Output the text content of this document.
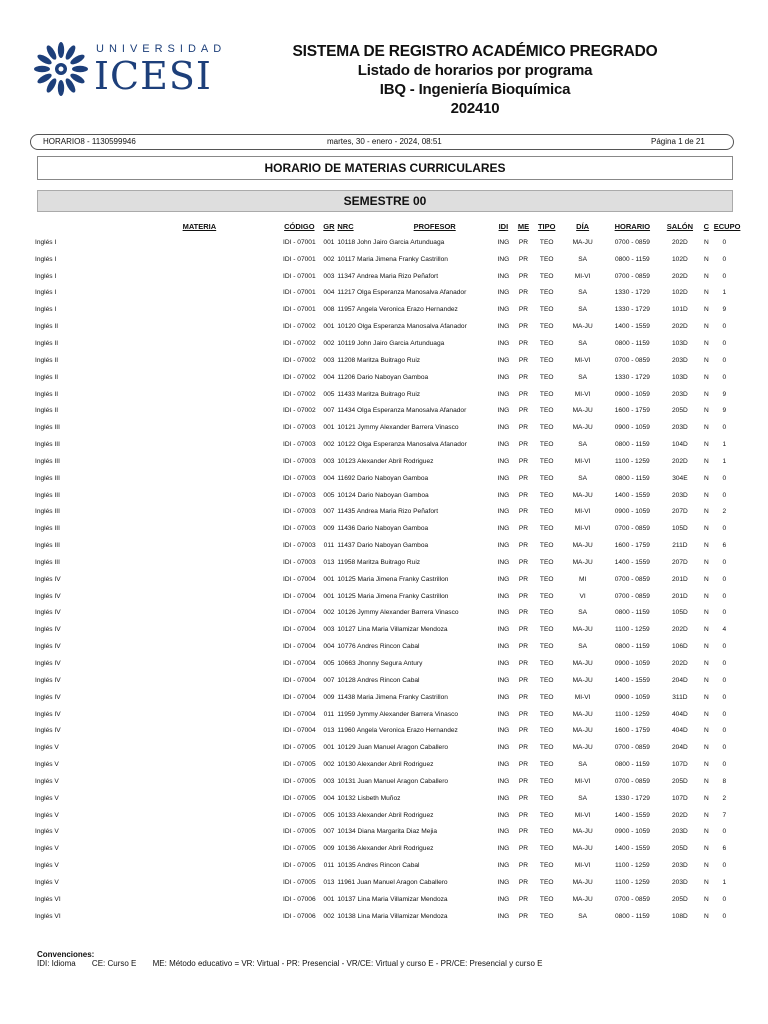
UNIVERSIDAD
ICESI
SISTEMA DE REGISTRO ACADÉMICO PREGRADO
Listado de horarios por programa
IBQ - Ingeniería Bioquímica
202410
HORARIO8 - 1130599946	martes, 30 - enero - 2024, 08:51	Página 1 de 21
HORARIO DE MATERIAS CURRICULARES
SEMESTRE 00
MATERIA	CÓDIGO	GR	NRC PROFESOR	IDI	ME	TIPO	DÍA	HORARIO	SALÓN	C	ECUPO
Inglés I	IDI - 07001	001	10118 John Jairo Garcia Artunduaga	ING	PR	TEO	MA-JU	0700 - 0859	202D	N	0
Inglés I	IDI - 07001	002	10117 Maria Jimena Franky Castrillon	ING	PR	TEO	SA	0800 - 1159	102D	N	0
Inglés I	IDI - 07001	003	11347 Andrea Maria Rizo Peñafort	ING	PR	TEO	MI-VI	0700 - 0859	202D	N	0
Inglés I	IDI - 07001	004	11217 Olga Esperanza Manosalva Afanador	ING	PR	TEO	SA	1330 - 1729	102D	N	1
Inglés I	IDI - 07001	008	11957 Angela Veronica Erazo Hernandez	ING	PR	TEO	SA	1330 - 1729	101D	N	9
Inglés II	IDI - 07002	001	10120 Olga Esperanza Manosalva Afanador	ING	PR	TEO	MA-JU	1400 - 1559	202D	N	0
Inglés II	IDI - 07002	002	10119 John Jairo Garcia Artunduaga	ING	PR	TEO	SA	0800 - 1159	103D	N	0
Inglés II	IDI - 07002	003	11208 Maritza Buitrago Ruiz	ING	PR	TEO	MI-VI	0700 - 0859	203D	N	0
Inglés II	IDI - 07002	004	11206 Dario Naboyan Gamboa	ING	PR	TEO	SA	1330 - 1729	103D	N	0
Inglés II	IDI - 07002	005	11433 Maritza Buitrago Ruiz	ING	PR	TEO	MI-VI	0900 - 1059	203D	N	9
Inglés II	IDI - 07002	007	11434 Olga Esperanza Manosalva Afanador	ING	PR	TEO	MA-JU	1600 - 1759	205D	N	9
Inglés III	IDI - 07003	001	10121 Jymmy Alexander Barrera Vinasco	ING	PR	TEO	MA-JU	0900 - 1059	203D	N	0
Inglés III	IDI - 07003	002	10122 Olga Esperanza Manosalva Afanador	ING	PR	TEO	SA	0800 - 1159	104D	N	1
Inglés III	IDI - 07003	003	10123 Alexander Abril Rodriguez	ING	PR	TEO	MI-VI	1100 - 1259	202D	N	1
Inglés III	IDI - 07003	004	11692 Dario Naboyan Gamboa	ING	PR	TEO	SA	0800 - 1159	304E	N	0
Inglés III	IDI - 07003	005	10124 Dario Naboyan Gamboa	ING	PR	TEO	MA-JU	1400 - 1559	203D	N	0
Inglés III	IDI - 07003	007	11435 Andrea Maria Rizo Peñafort	ING	PR	TEO	MI-VI	0900 - 1059	207D	N	2
Inglés III	IDI - 07003	009	11436 Dario Naboyan Gamboa	ING	PR	TEO	MI-VI	0700 - 0859	105D	N	0
Inglés III	IDI - 07003	011	11437 Dario Naboyan Gamboa	ING	PR	TEO	MA-JU	1600 - 1759	211D	N	6
Inglés III	IDI - 07003	013	11958 Maritza Buitrago Ruiz	ING	PR	TEO	MA-JU	1400 - 1559	207D	N	0
Inglés IV	IDI - 07004	001	10125 Maria Jimena Franky Castrillon	ING	PR	TEO	MI	0700 - 0859	201D	N	0
Inglés IV	IDI - 07004	001	10125 Maria Jimena Franky Castrillon	ING	PR	TEO	VI	0700 - 0859	201D	N	0
Inglés IV	IDI - 07004	002	10126 Jymmy Alexander Barrera Vinasco	ING	PR	TEO	SA	0800 - 1159	105D	N	0
Inglés IV	IDI - 07004	003	10127 Lina Maria Villamizar Mendoza	ING	PR	TEO	MA-JU	1100 - 1259	202D	N	4
Inglés IV	IDI - 07004	004	10776 Andres Rincon Cabal	ING	PR	TEO	SA	0800 - 1159	106D	N	0
Inglés IV	IDI - 07004	005	10663 Jhonny Segura Antury	ING	PR	TEO	MA-JU	0900 - 1059	202D	N	0
Inglés IV	IDI - 07004	007	10128 Andres Rincon Cabal	ING	PR	TEO	MA-JU	1400 - 1559	204D	N	0
Inglés IV	IDI - 07004	009	11438 Maria Jimena Franky Castrillon	ING	PR	TEO	MI-VI	0900 - 1059	311D	N	0
Inglés IV	IDI - 07004	011	11959 Jymmy Alexander Barrera Vinasco	ING	PR	TEO	MA-JU	1100 - 1259	404D	N	0
Inglés IV	IDI - 07004	013	11960 Angela Veronica Erazo Hernandez	ING	PR	TEO	MA-JU	1600 - 1759	404D	N	0
Inglés V	IDI - 07005	001	10129 Juan Manuel Aragon Caballero	ING	PR	TEO	MA-JU	0700 - 0859	204D	N	0
Inglés V	IDI - 07005	002	10130 Alexander Abril Rodriguez	ING	PR	TEO	SA	0800 - 1159	107D	N	0
Inglés V	IDI - 07005	003	10131 Juan Manuel Aragon Caballero	ING	PR	TEO	MI-VI	0700 - 0859	205D	N	8
Inglés V	IDI - 07005	004	10132 Lisbeth Muñoz	ING	PR	TEO	SA	1330 - 1729	107D	N	2
Inglés V	IDI - 07005	005	10133 Alexander Abril Rodriguez	ING	PR	TEO	MI-VI	1400 - 1559	202D	N	7
Inglés V	IDI - 07005	007	10134 Diana Margarita Diaz Mejia	ING	PR	TEO	MA-JU	0900 - 1059	203D	N	0
Inglés V	IDI - 07005	009	10136 Alexander Abril Rodriguez	ING	PR	TEO	MA-JU	1400 - 1559	205D	N	6
Inglés V	IDI - 07005	011	10135 Andres Rincon Cabal	ING	PR	TEO	MI-VI	1100 - 1259	203D	N	0
Inglés V	IDI - 07005	013	11961 Juan Manuel Aragon Caballero	ING	PR	TEO	MA-JU	1100 - 1259	203D	N	1
Inglés VI	IDI - 07006	001	10137 Lina Maria Villamizar Mendoza	ING	PR	TEO	MA-JU	0700 - 0859	205D	N	0
Inglés VI	IDI - 07006	002	10138 Lina Maria Villamizar Mendoza	ING	PR	TEO	SA	0800 - 1159	108D	N	0
Convenciones:
IDI: Idioma CE: Curso E ME: Método educativo = VR: Virtual - PR: Presencial - VR/CE: Virtual y curso E - PR/CE: Presencial y curso E
